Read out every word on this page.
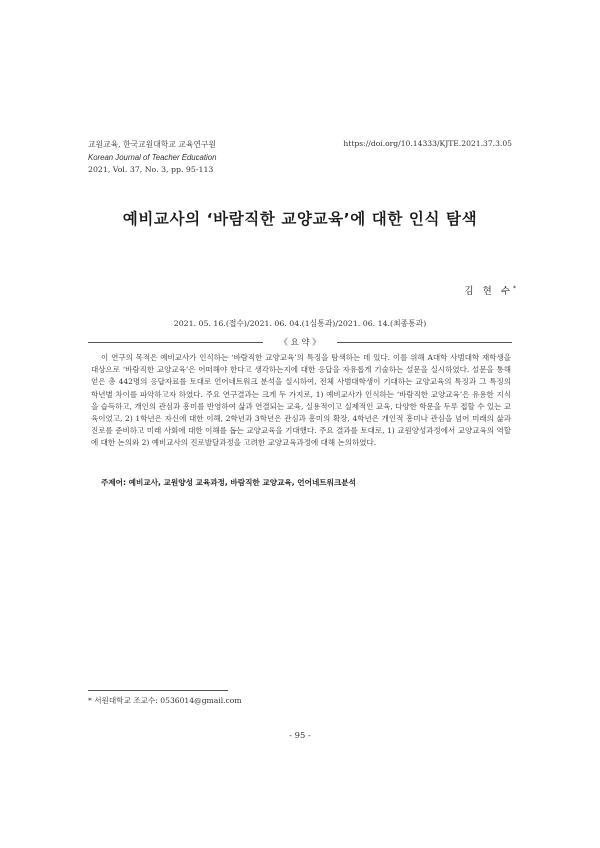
교원교육, 한국교원대학교 교육연구원
Korean Journal of Teacher Education
2021, Vol. 37, No. 3, pp. 95-113
https://doi.org/10.14333/KJTE.2021.37.3.05
예비교사의 ‘바람직한 교양교육’에 대한 인식 탐색
김 현 수*
2021. 05. 16.(접수)/2021. 06. 04.(1심통과)/2021. 06. 14.(최종통과)
《 요 약 》
이 연구의 목적은 예비교사가 인식하는 ‘바람직한 교양교육’의 특징을 탐색하는 데 있다. 이를 위해 A대학 사범대학 재학생을 대상으로 ‘바람직한 교양교육’은 어떠해야 한다고 생각하는지에 대한 응답을 자유롭게 기술하는 설문을 실시하였다. 설문을 통해 얻은 총 442명의 응답자료를 토대로 언어네트워크 분석을 실시하여, 전체 사범대학생이 기대하는 교양교육의 특징과 그 특징의 학년별 차이를 파악하고자 하였다. 주요 연구결과는 크게 두 가지로, 1) 예비교사가 인식하는 ‘바람직한 교양교육’은 유용한 지식을 습득하고, 개인의 관심과 흥미를 반영하여 삶과 연결되는 교육, 실용적이고 실제적인 교육, 다양한 학문을 두루 접할 수 있는 교육이었고, 2) 1학년은 자신에 대한 이해, 2학년과 3학년은 관심과 흥미의 확장, 4학년은 개인적 흥미나 관심을 넘어 미래의 삶과 진로를 준비하고 미래 사회에 대한 이해를 돕는 교양교육을 기대했다. 주요 결과를 토대로, 1) 교원양성과정에서 교양교육의 역할에 대한 논의와 2) 예비교사의 진로발달과정을 고려한 교양교육과정에 대해 논의하였다.
주제어: 예비교사, 교원양성 교육과정, 바람직한 교양교육, 언어네트워크분석
* 서원대학교 조교수: 0536014@gmail.com
- 95 -
